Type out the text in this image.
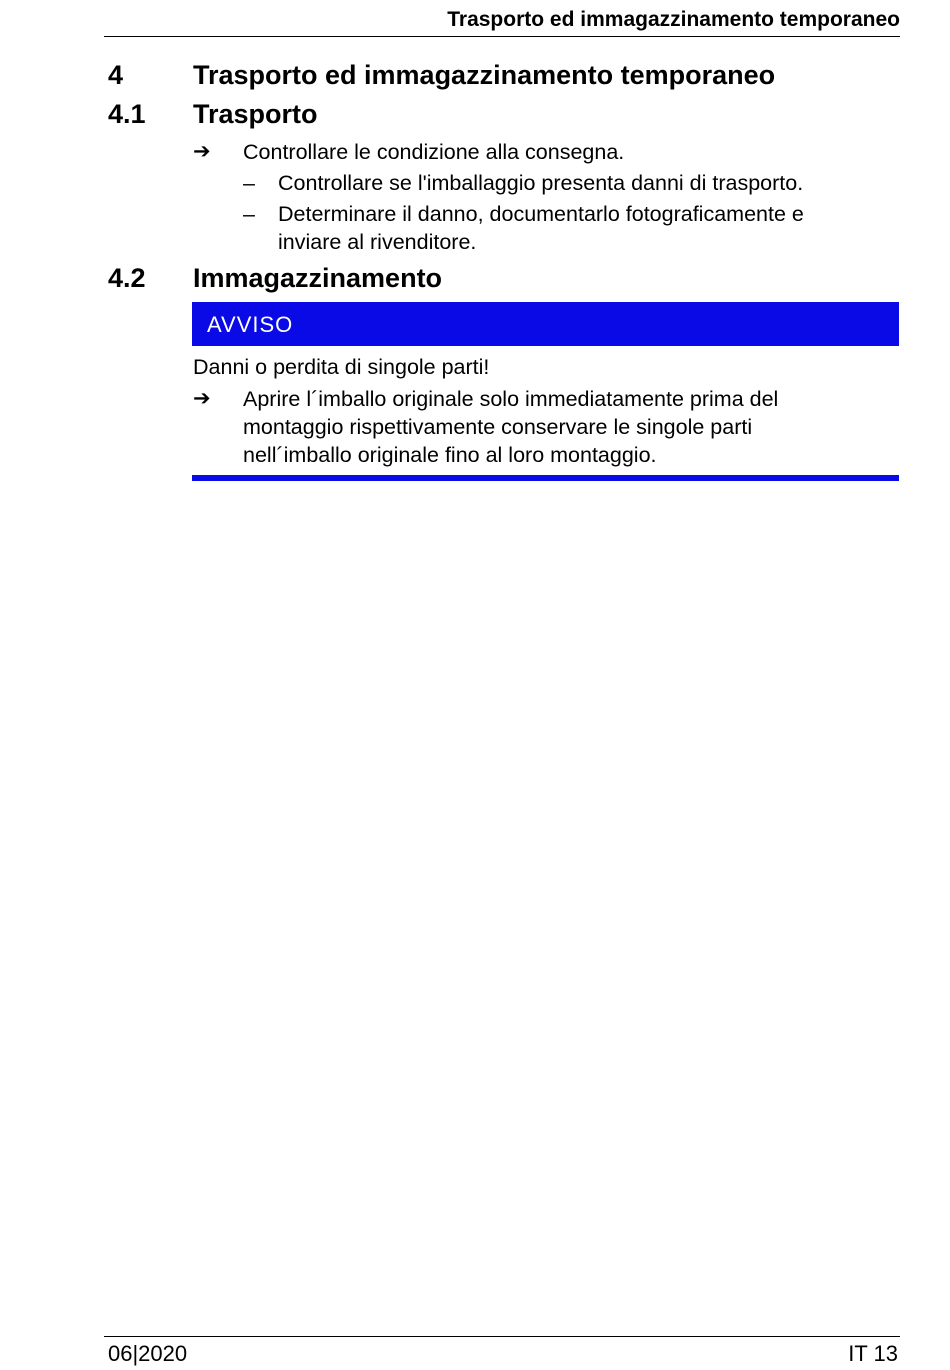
Trasporto ed immagazzinamento temporaneo
4	Trasporto ed immagazzinamento temporaneo
4.1 Trasporto
➔ Controllare le condizione alla consegna.
– Controllare se l'imballaggio presenta danni di trasporto.
– Determinare il danno, documentarlo fotograficamente e
inviare al rivenditore.
4.2 Immagazzinamento
AVVISO
Danni o perdita di singole parti!
➔ Aprire l´imballo originale solo immediatamente prima del
montaggio rispettivamente conservare le singole parti
nell´imballo originale fino al loro montaggio.
06|2020	IT 13
